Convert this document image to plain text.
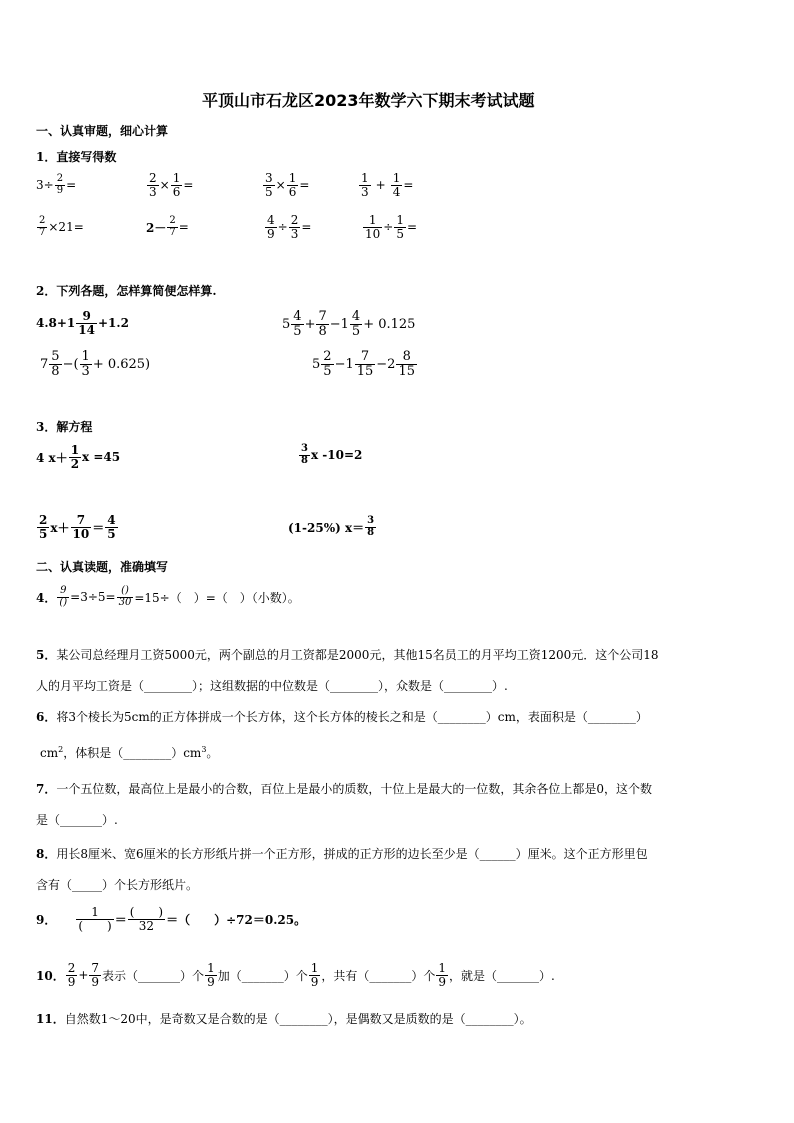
平顶山市石龙区2023年数学六下期末考试试题
一、认真审题，细心计算
1．直接写得数
$3\div \frac{2}{9}$ =	$\frac{2}{3} \times \frac{1}{6}$ =	$\frac{3}{5} \times \frac{1}{6}$ =	$\frac{1}{3} + \frac{1}{4}$ =
$\frac{2}{7} \times 21=$	$2- \frac{2}{7}$ =	$\frac{4}{9} \div \frac{2}{3}$ =	$\frac{1}{10} \div \frac{1}{5}$ =
2．下列各题，怎样算简便怎样算.
$4.8+1 \frac{9}{14} +1.2$	$5 \frac{4}{5} + \frac{7}{8} -1 \frac{4}{5} + 0.125$
$7 \frac{5}{8}$ −( $\frac{1}{3} + 0.625$)	$5 \frac{2}{5} -1 \frac{7}{15} -2 \frac{8}{15}$
3．解方程
4 $x+ \frac{1}{2}$ x =45	$\frac{3}{8}$ x -10=2
$\frac{2}{5} x+ \frac{7}{10} = \frac{4}{5}$	(1-25%) $x= \frac{3}{8}$
二、认真读题，准确填写
4． $\frac{9}{()} =3\div 5= \frac{()}{30} =15\div$（　）=（　）（小数）。
5．某公司总经理月工资5000元，两个副总的月工资都是2000元，其他15名员工的月平均工资1200元．这个公司18
人的月平均工资是（________）；这组数据的中位数是（________），众数是（________）.
6．将3个棱长为5cm的正方体拼成一个长方体，这个长方体的棱长之和是（________）cm，表面积是（________）
$cm^2$，体积是$(\_\_\_\_\_\_\_\_)cm^3$。
7．一个五位数，最高位上是最小的合数，百位上是最小的质数，十位上是最大的一位数，其余各位上都是0，这个数
是（_______）.
8．用长8厘米、宽6厘米的长方形纸片拼一个正方形，拼成的正方形的边长至少是（______）厘米。这个正方形里包
含有（_____）个长方形纸片。
9． $\frac{1}{( )} = \frac{( )}{32}$ ＝（　　）÷72＝0.25。
10． $\frac{2}{9} + \frac{7}{9}$ 表示（_______）个 $\frac{1}{9}$ 加（_______）个 $\frac{1}{9}$ ，共有（_______）个 $\frac{1}{9}$ ，就是（_______）.
11．自然数1～20中，是奇数又是合数的是（________），是偶数又是质数的是（________）。
